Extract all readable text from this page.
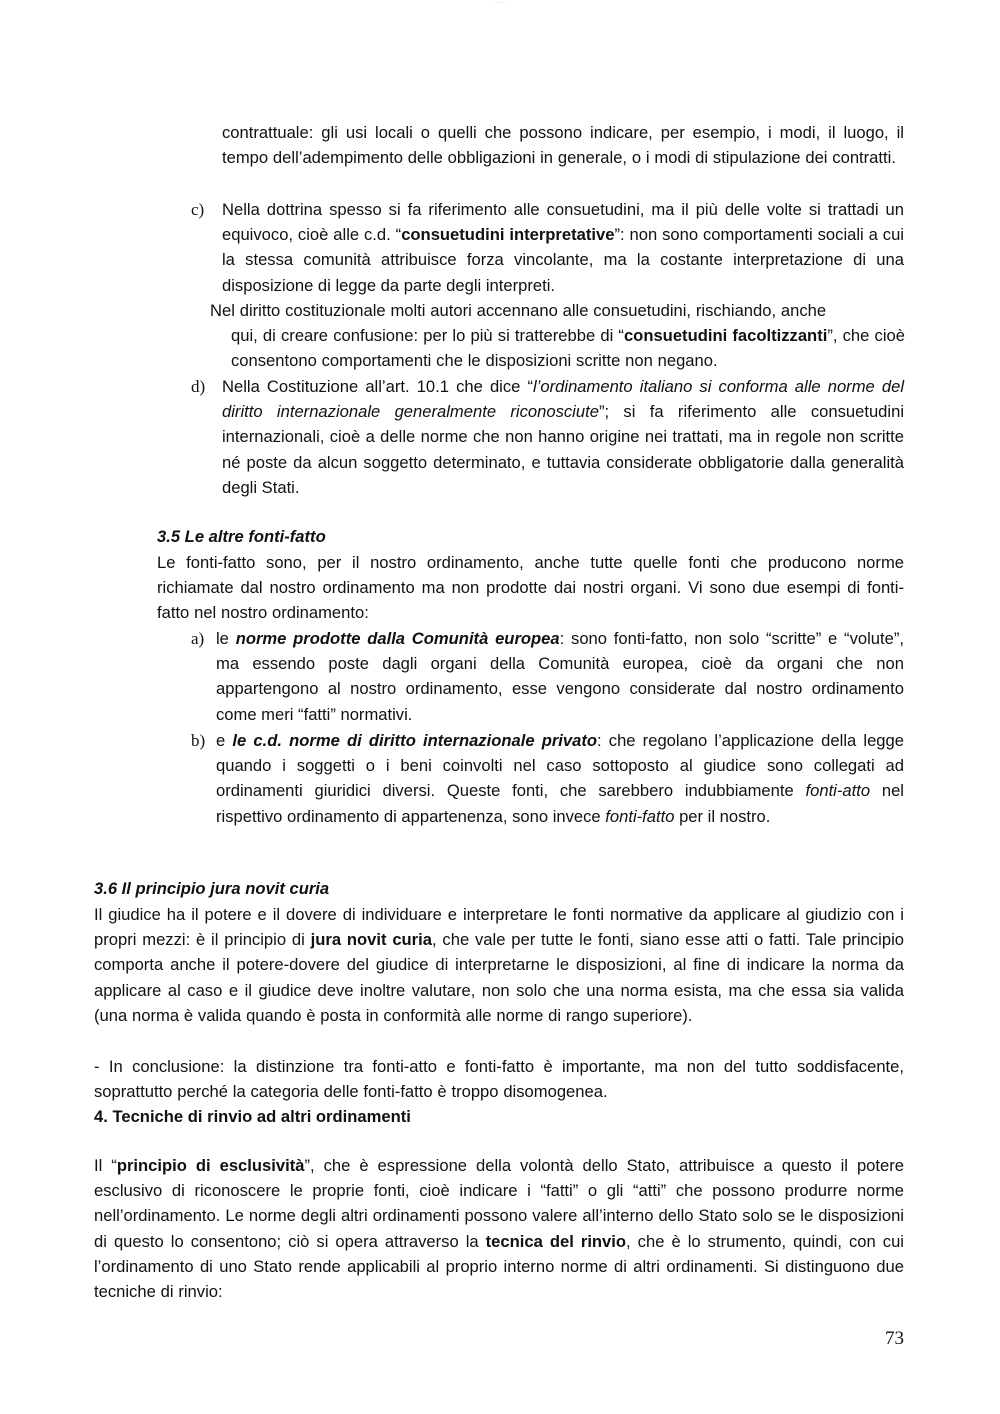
— — —

contrattuale: gli usi locali o quelli che possono indicare, per esempio, i modi, il luogo, il tempo dell’adempimento delle obbligazioni in generale, o i modi di stipulazione dei contratti.

c) Nella dottrina spesso si fa riferimento alle consuetudini, ma il più delle volte si trattadi un equivoco, cioè alle c.d. “consuetudini interpretative”: non sono comportamenti sociali a cui la stessa comunità attribuisce forza vincolante, ma la costante interpretazione di una disposizione di legge da parte degli interpreti.

Nel diritto costituzionale molti autori accennano alle consuetudini, rischiando, anche

qui, di creare confusione: per lo più si tratterebbe di “consuetudini facoltizzanti”, che cioè consentono comportamenti che le disposizioni scritte non negano.

d) Nella Costituzione all’art. 10.1 che dice “l’ordinamento italiano si conforma alle norme del diritto internazionale generalmente riconosciute”; si fa riferimento alle consuetudini internazionali, cioè a delle norme che non hanno origine nei trattati, ma in regole non scritte né poste da alcun soggetto determinato, e tuttavia considerate obbligatorie dalla generalità degli Stati.

3.5 Le altre fonti-fatto

Le fonti-fatto sono, per il nostro ordinamento, anche tutte quelle fonti che producono norme richiamate dal nostro ordinamento ma non prodotte dai nostri organi. Vi sono due esempi di fonti-fatto nel nostro ordinamento:

a) le norme prodotte dalla Comunità europea: sono fonti-fatto, non solo “scritte” e “volute”, ma essendo poste dagli organi della Comunità europea, cioè da organi che non appartengono al nostro ordinamento, esse vengono considerate dal nostro ordinamento come meri “fatti” normativi.

b) e le c.d. norme di diritto internazionale privato: che regolano l’applicazione della legge quando i soggetti o i beni coinvolti nel caso sottoposto al giudice sono collegati ad ordinamenti giuridici diversi. Queste fonti, che sarebbero indubbiamente fonti-atto nel rispettivo ordinamento di appartenenza, sono invece fonti-fatto per il nostro.

3.6 Il principio jura novit curia

Il giudice ha il potere e il dovere di individuare e interpretare le fonti normative da applicare al giudizio con i propri mezzi: è il principio di jura novit curia, che vale per tutte le fonti, siano esse atti o fatti. Tale principio comporta anche il potere-dovere del giudice di interpretarne le disposizioni, al fine di indicare la norma da applicare al caso e il giudice deve inoltre valutare, non solo che una norma esista, ma che essa sia valida (una norma è valida quando è posta in conformità alle norme di rango superiore).

- In conclusione: la distinzione tra fonti-atto e fonti-fatto è importante, ma non del tutto soddisfacente, soprattutto perché la categoria delle fonti-fatto è troppo disomogenea.

4. Tecniche di rinvio ad altri ordinamenti

Il “principio di esclusività”, che è espressione della volontà dello Stato, attribuisce a questo il potere esclusivo di riconoscere le proprie fonti, cioè indicare i “fatti” o gli “atti” che possono produrre norme nell’ordinamento. Le norme degli altri ordinamenti possono valere all’interno dello Stato solo se le disposizioni di questo lo consentono; ciò si opera attraverso la tecnica del rinvio, che è lo strumento, quindi, con cui l’ordinamento di uno Stato rende applicabili al proprio interno norme di altri ordinamenti. Si distinguono due tecniche di rinvio:

73
